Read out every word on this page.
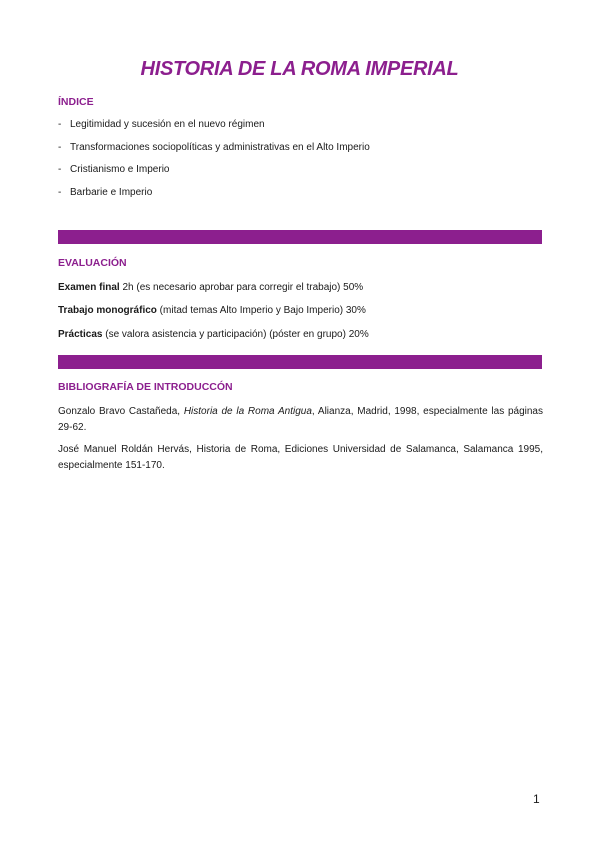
HISTORIA DE LA ROMA IMPERIAL
ÍNDICE
- Legitimidad y sucesión en el nuevo régimen
- Transformaciones sociopolíticas y administrativas en el Alto Imperio
- Cristianismo e Imperio
- Barbarie e Imperio
EVALUACIÓN
Examen final 2h (es necesario aprobar para corregir el trabajo) 50%
Trabajo monográfico (mitad temas Alto Imperio y Bajo Imperio) 30%
Prácticas (se valora asistencia y participación) (póster en grupo) 20%
BIBLIOGRAFÍA DE INTRODUCCÓN
Gonzalo Bravo Castañeda, Historia de la Roma Antigua, Alianza, Madrid, 1998, especialmente las páginas 29-62.
José Manuel Roldán Hervás, Historia de Roma, Ediciones Universidad de Salamanca, Salamanca 1995, especialmente 151-170.
1
